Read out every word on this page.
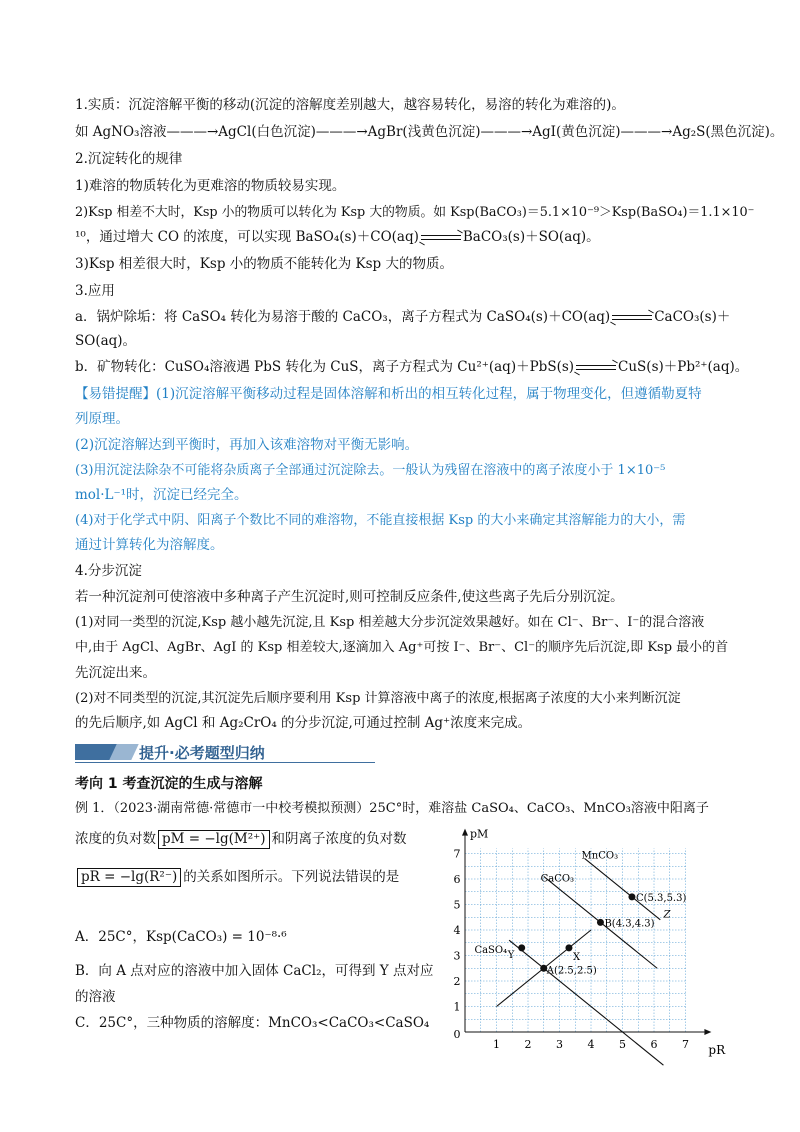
1.实质：沉淀溶解平衡的移动(沉淀的溶解度差别越大，越容易转化，易溶的转化为难溶的)。
如 AgNO₃溶液———→AgCl(白色沉淀)———→AgBr(浅黄色沉淀)———→AgI(黄色沉淀)———→Ag₂S(黑色沉淀)。
2.沉淀转化的规律
1)难溶的物质转化为更难溶的物质较易实现。
2)Ksp 相差不大时，Ksp 小的物质可以转化为 Ksp 大的物质。如 Ksp(BaCO₃)＝5.1×10⁻⁹＞Ksp(BaSO₄)＝1.1×10⁻
¹⁰，通过增大 CO 的浓度，可以实现 BaSO₄(s)＋CO(aq)	BaCO₃(s)＋SO(aq)。
3)Ksp 相差很大时，Ksp 小的物质不能转化为 Ksp 大的物质。
3.应用
a．锅炉除垢：将 CaSO₄ 转化为易溶于酸的 CaCO₃，离子方程式为 CaSO₄(s)＋CO(aq)	CaCO₃(s)＋
SO(aq)。
b．矿物转化：CuSO₄溶液遇 PbS 转化为 CuS，离子方程式为 Cu²⁺(aq)＋PbS(s)	CuS(s)＋Pb²⁺(aq)。
【易错提醒】(1)沉淀溶解平衡移动过程是固体溶解和析出的相互转化过程，属于物理变化，但遵循勒夏特
列原理。
(2)沉淀溶解达到平衡时，再加入该难溶物对平衡无影响。
(3)用沉淀法除杂不可能将杂质离子全部通过沉淀除去。一般认为残留在溶液中的离子浓度小于 1×10⁻⁵
mol·L⁻¹时，沉淀已经完全。
(4)对于化学式中阴、阳离子个数比不同的难溶物，不能直接根据 Ksp 的大小来确定其溶解能力的大小，需
通过计算转化为溶解度。
4.分步沉淀
若一种沉淀剂可使溶液中多种离子产生沉淀时,则可控制反应条件,使这些离子先后分别沉淀。
(1)对同一类型的沉淀,Ksp 越小越先沉淀,且 Ksp 相差越大分步沉淀效果越好。如在 Cl⁻、Br⁻、I⁻的混合溶液
中,由于 AgCl、AgBr、AgI 的 Ksp 相差较大,逐滴加入 Ag⁺可按 I⁻、Br⁻、Cl⁻的顺序先后沉淀,即 Ksp 最小的首
先沉淀出来。
(2)对不同类型的沉淀,其沉淀先后顺序要利用 Ksp 计算溶液中离子的浓度,根据离子浓度的大小来判断沉淀
的先后顺序,如 AgCl 和 Ag₂CrO₄ 的分步沉淀,可通过控制 Ag⁺浓度来完成。
提升·必考题型归纳
考向 1 考查沉淀的生成与溶解
例 1．（2023·湖南常德·常德市一中校考模拟预测）25C°时，难溶盐 CaSO₄、CaCO₃、MnCO₃溶液中阳离子
浓度的负对数 pM = −lg(M²⁺) 和阴离子浓度的负对数
pR = −lg(R²⁻) 的关系如图所示。下列说法错误的是
A．25C°，Ksp(CaCO₃) = 10⁻⁸·⁶
B．向 A 点对应的溶液中加入固体 CaCl₂，可得到 Y 点对应
的溶液
C．25C°，三种物质的溶解度：MnCO₃<CaCO₃<CaSO₄
1 2 3 4 5 6 7
0
1
2
3
4
5
6
7
pR
pM
CaSO₄
CaCO₃
MnCO₃
A(2.5,2.5)
B(4.3,4.3)
C(5.3,5.3)
Y	X
Z
